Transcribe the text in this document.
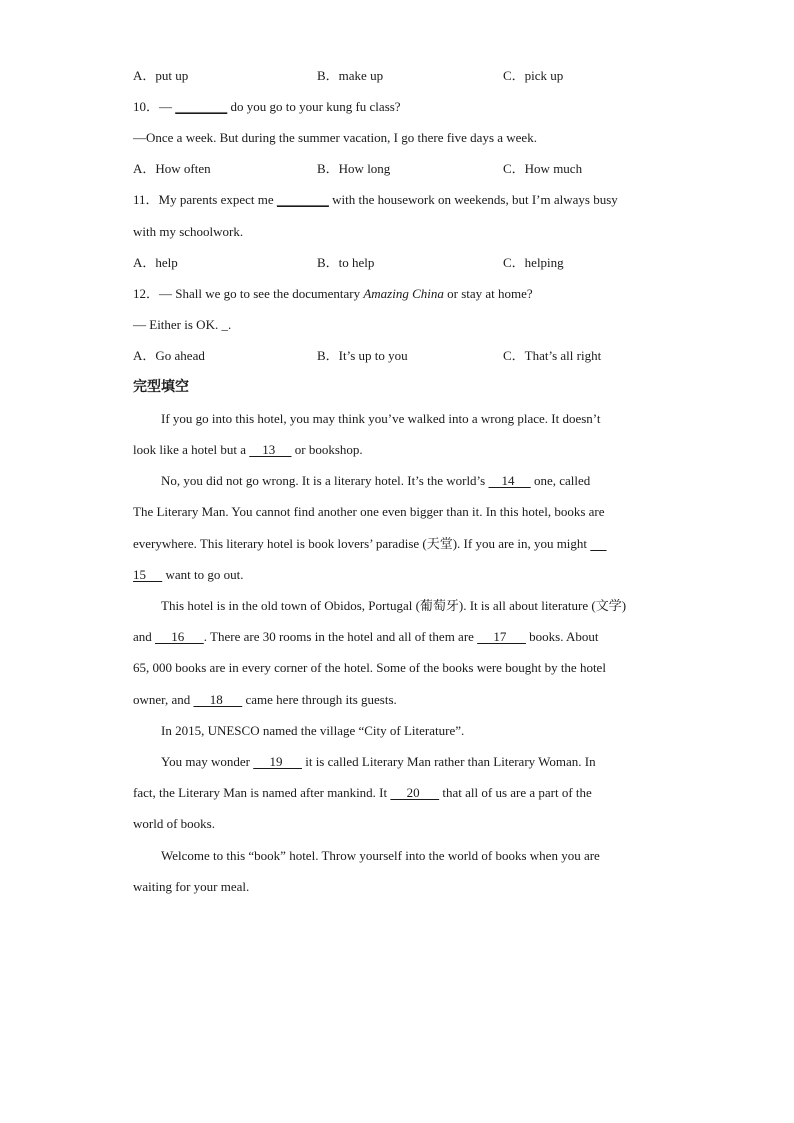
A．put up	B．make up	C．pick up
10．— ________ do you go to your kung fu class?
—Once a week. But during the summer vacation, I go there five days a week.
A．How often	B．How long	C．How much
11．My parents expect me ________ with the housework on weekends, but I’m always busy
with my schoolwork.
A．help	B．to help	C．helping
12．— Shall we go to see the documentary Amazing China or stay at home?
— Either is OK. _.
A．Go ahead	B．It’s up to you	C．That’s all right
完型填空
If you go into this hotel, you may think you’ve walked into a wrong place. It doesn’t
look like a hotel but a     13      or bookshop.
No, you did not go wrong. It is a literary hotel. It’s the world’s     14      one, called
The Literary Man. You cannot find another one even bigger than it. In this hotel, books are
everywhere. This literary hotel is book lovers’ paradise (天堂). If you are in, you might
15      want to go out.
This hotel is in the old town of Obidos, Portugal (葡萄牙). It is all about literature (文学)
and      16      . There are 30 rooms in the hotel and all of them are      17       books. About
65, 000 books are in every corner of the hotel. Some of the books were bought by the hotel
owner, and      18       came here through its guests.
In 2015, UNESCO named the village “City of Literature”.
You may wonder      19       it is called Literary Man rather than Literary Woman. In
fact, the Literary Man is named after mankind. It      20       that all of us are a part of the
world of books.
Welcome to this “book” hotel. Throw yourself into the world of books when you are
waiting for your meal.
